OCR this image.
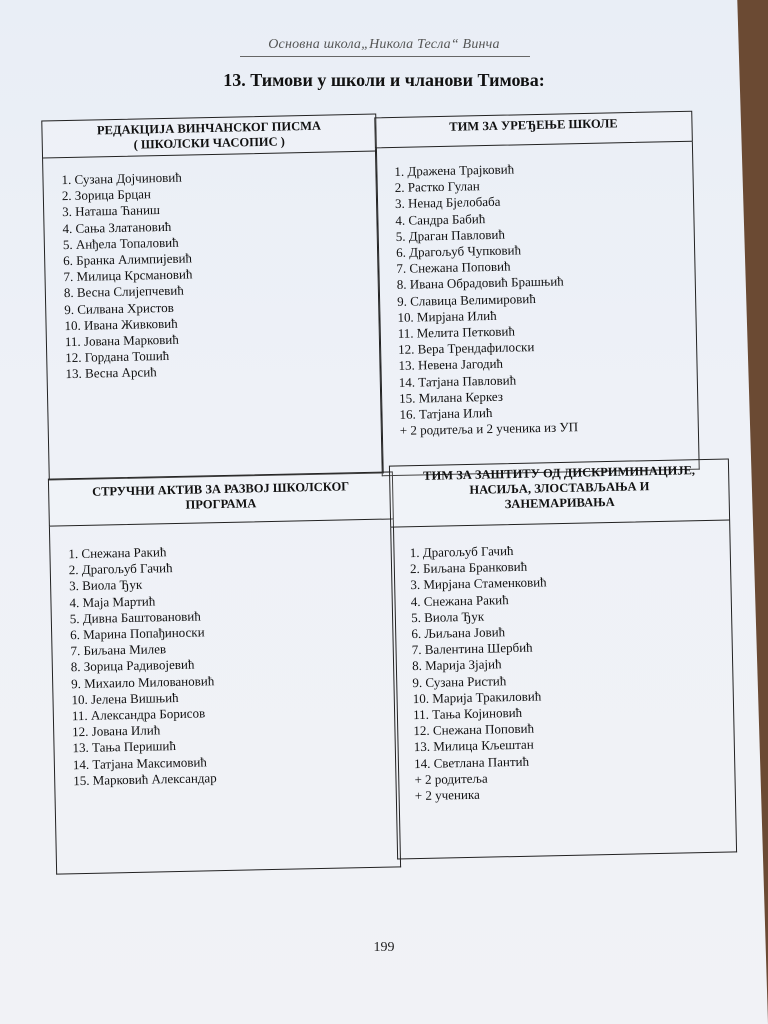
Основна школа„Никола Тесла“ Винча
13. Тимови у школи и чланови Тимова:
РЕДАКЦИЈА ВИНЧАНСКОГ ПИСМА
( ШКОЛСКИ ЧАСОПИС )
1. Сузана Дојчиновић
2. Зорица Брцан
3. Наташа Ћаниш
4. Сања Златановић
5. Анђела Топаловић
6. Бранка Алимпијевић
7. Милица Крсмановић
8. Весна Слијепчевић
9. Силвана Христов
10. Ивана Живковић
11. Јована Марковић
12. Гордана Тошић
13. Весна Арсић
ТИМ ЗА УРЕЂЕЊЕ ШКОЛЕ
1. Дражена Трајковић
2. Растко Гулан
3. Ненад Бјелобаба
4. Сандра Бабић
5. Драган Павловић
6. Драгољуб Чупковић
7. Снежана Поповић
8. Ивана Обрадовић Брашњић
9. Славица Велимировић
10. Мирјана Илић
11. Мелита Петковић
12. Вера Трендафилоски
13. Невена Јагодић
14. Татјана Павловић
15. Милана Керкез
16. Татјана Илић
+ 2 родитеља и 2 ученика из УП
СТРУЧНИ АКТИВ ЗА РАЗВОЈ ШКОЛСКОГ
ПРОГРАМА
1. Снежана Ракић
2. Драгољуб Гачић
3. Виола Ђук
4. Маја Мартић
5. Дивна Баштовановић
6. Марина Попађиноски
7. Биљана Милев
8. Зорица Радивојевић
9. Михаило Миловановић
10. Јелена Вишњић
11. Александра Борисов
12. Јована Илић
13. Тања Перишић
14. Татјана Максимовић
15. Марковић Александар
ТИМ ЗА ЗАШТИТУ ОД ДИСКРИМИНАЦИЈЕ,
НАСИЉА, ЗЛОСТАВЉАЊА И
ЗАНЕМАРИВАЊА
1. Драгољуб Гачић
2. Биљана Бранковић
3. Мирјана Стаменковић
4. Снежана Ракић
5. Виола Ђук
6. Љиљана Јовић
7. Валентина Шербић
8. Марија Зјајић
9. Сузана Ристић
10. Марија Тракиловић
11. Тања Којиновић
12. Снежана Поповић
13. Милица Кљештан
14. Светлана Пантић
+ 2 родитеља
+ 2 ученика
199
